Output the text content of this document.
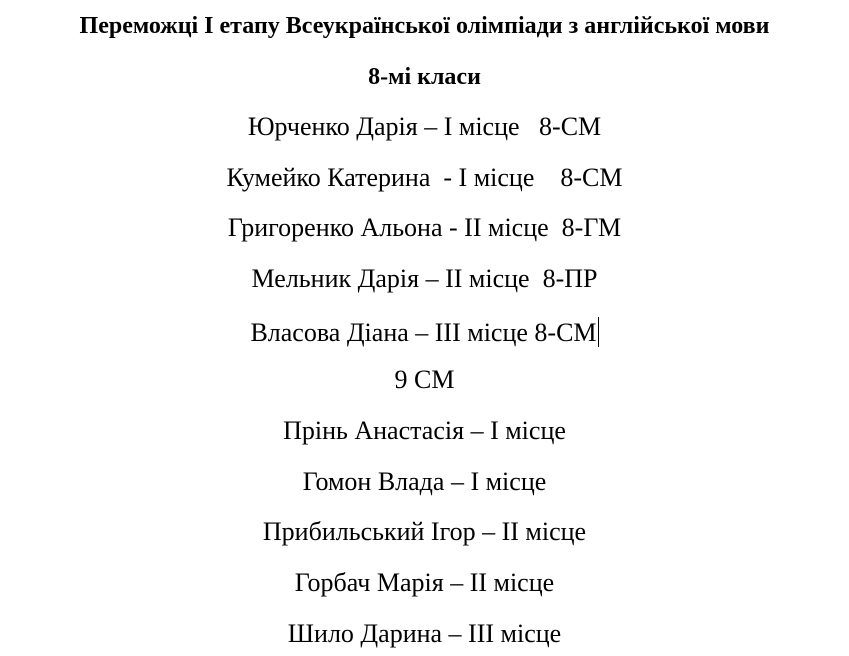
Переможці І етапу Всеукраїнської олімпіади з англійської мови
8-мі класи
Юрченко Дарія – І місце   8-СМ
Кумейко Катерина  - І місце    8-СМ
Григоренко Альона - ІІ місце  8-ГМ
Мельник Дарія – ІІ місце  8-ПР
Власова Діана – ІІІ місце 8-СМ
9 СМ
Прінь Анастасія – І місце
Гомон Влада – І місце
Прибильський Ігор – ІІ місце
Горбач Марія – ІІ місце
Шило Дарина – ІІІ місце
